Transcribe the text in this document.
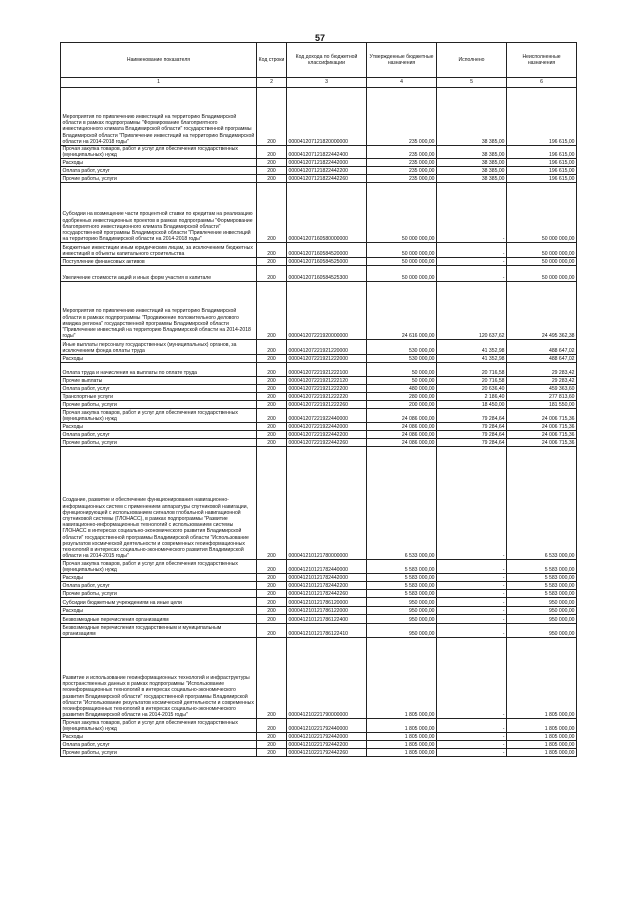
57
Наименование показателя	Код строки	Код дохода по бюджетной классификации	Утвержденные бюджетные назначения	Исполнено	Неисполненные назначения
1	2	3	4	5	6
Мероприятия по привлечению инвестиций на территорию Владимирской области в рамках подпрограммы "Формирование благоприятного инвестиционного климата Владимирской области" государственной программы Владимирской области "Привлечение инвестиций на территорию Владимирской области на 2014-2018 годы"	200	000041207121820000000	235 000,00	38 385,00	196 615,00
Прочая закупка товаров, работ и услуг для обеспечения государственных (муниципальных) нужд	200	000041207121822442400	235 000,00	38 385,00	196 615,00
Расходы	200	000041207121822442000	235 000,00	38 385,00	196 615,00
Оплата работ, услуг	200	000041207121822442200	235 000,00	38 385,00	196 615,00
Прочие работы, услуги	200	000041207121822442260	235 000,00	38 385,00	196 615,00
Субсидии на возмещение части процентной ставки по кредитам на реализацию одобренных инвестиционных проектов в рамках подпрограммы "Формирование благоприятного инвестиционного климата Владимирской области" государственной программы Владимирской области "Привлечение инвестиций на территорию Владимирской области на 2014-2018 годы"	200	000041207160580000000	50 000 000,00	-	50 000 000,00
Бюджетные инвестиции иным юридическим лицам, за исключением бюджетных инвестиций в объекты капитального строительства	200	000041207160584520000	50 000 000,00	-	50 000 000,00
Поступление финансовых активов	200	000041207160584525000	50 000 000,00	-	50 000 000,00
Увеличение стоимости акций и иных форм участия в капитале	200	000041207160584525300	50 000 000,00	-	50 000 000,00
Мероприятия по привлечению инвестиций на территорию Владимирской области в рамках подпрограммы "Продвижение положительного делового имиджа региона" государственной программы Владимирской области "Привлечение инвестиций на территорию Владимирской области на 2014-2018 годы"	200	000041207221920000000	24 616 000,00	120 637,62	24 495 362,38
Иные выплаты персоналу государственных (муниципальных) органов, за исключением фонда оплаты труда	200	000041207221921220000	530 000,00	41 352,98	488 647,02
Расходы	200	000041207221921222000	530 000,00	41 352,98	488 647,02
Оплата труда и начисления на выплаты по оплате труда	200	000041207221921222100	50 000,00	20 716,58	29 283,42
Прочие выплаты	200	000041207221921222120	50 000,00	20 716,58	29 283,42
Оплата работ, услуг	200	000041207221921222200	480 000,00	20 636,40	459 363,60
Транспортные услуги	200	000041207221921222220	280 000,00	2 186,40	277 813,60
Прочие работы, услуги	200	000041207221921222260	200 000,00	18 450,00	181 550,00
Прочая закупка товаров, работ и услуг для обеспечения государственных (муниципальных) нужд	200	000041207221922440000	24 086 000,00	79 284,64	24 006 715,36
Расходы	200	000041207221922442000	24 086 000,00	79 284,64	24 006 715,36
Оплата работ, услуг	200	000041207221922442200	24 086 000,00	79 284,64	24 006 715,36
Прочие работы, услуги	200	000041207221922442260	24 086 000,00	79 284,64	24 006 715,36
Создание, развитие и обеспечение функционирования навигационно-информационных систем с применением аппаратуры спутниковой навигации, функционирующей с использованием сигналов глобальной навигационной спутниковой системы (ГЛОНАСС), в рамках подпрограммы "Развитие навигационно-информационных технологий с использованием системы ГЛОНАСС в интересах социально-экономического развития Владимирской области" государственной программы Владимирской области "Использование результатов космической деятельности и современных геоинформационных технологий в интересах социально-экономического развития Владимирской области на 2014-2015 годы"	200	000041210121780000000	6 533 000,00	-	6 533 000,00
Прочая закупка товаров, работ и услуг для обеспечения государственных (муниципальных) нужд	200	000041210121782440000	5 583 000,00	-	5 583 000,00
Расходы	200	000041210121782442000	5 583 000,00	-	5 583 000,00
Оплата работ, услуг	200	000041210121782442200	5 583 000,00	-	5 583 000,00
Прочие работы, услуги	200	000041210121782442260	5 583 000,00	-	5 583 000,00
Субсидии бюджетным учреждениям на иные цели	200	000041210121786120000	950 000,00	-	950 000,00
Расходы	200	000041210121786122000	950 000,00	-	950 000,00
Безвозмездные перечисления организациям	200	000041210121786122400	950 000,00	-	950 000,00
Безвозмездные перечисления государственным и муниципальным организациям	200	000041210121786122410	950 000,00	-	950 000,00
Развитие и использование геоинформационных технологий и инфраструктуры пространственных данных в рамках подпрограммы "Использование геоинформационных технологий в интересах социально-экономического развития Владимирской области" государственной программы Владимирской области "Использование результатов космической деятельности и современных геоинформационных технологий в интересах социально-экономического развития Владимирской области на 2014-2015 годы"	200	000041210221790000000	1 805 000,00	-	1 805 000,00
Прочая закупка товаров, работ и услуг для обеспечения государственных (муниципальных) нужд	200	000041210221792440000	1 805 000,00	-	1 805 000,00
Расходы	200	000041210221792442000	1 805 000,00	-	1 805 000,00
Оплата работ, услуг	200	000041210221792442200	1 805 000,00	-	1 805 000,00
Прочие работы, услуги	200	000041210221792442260	1 805 000,00	-	1 805 000,00
